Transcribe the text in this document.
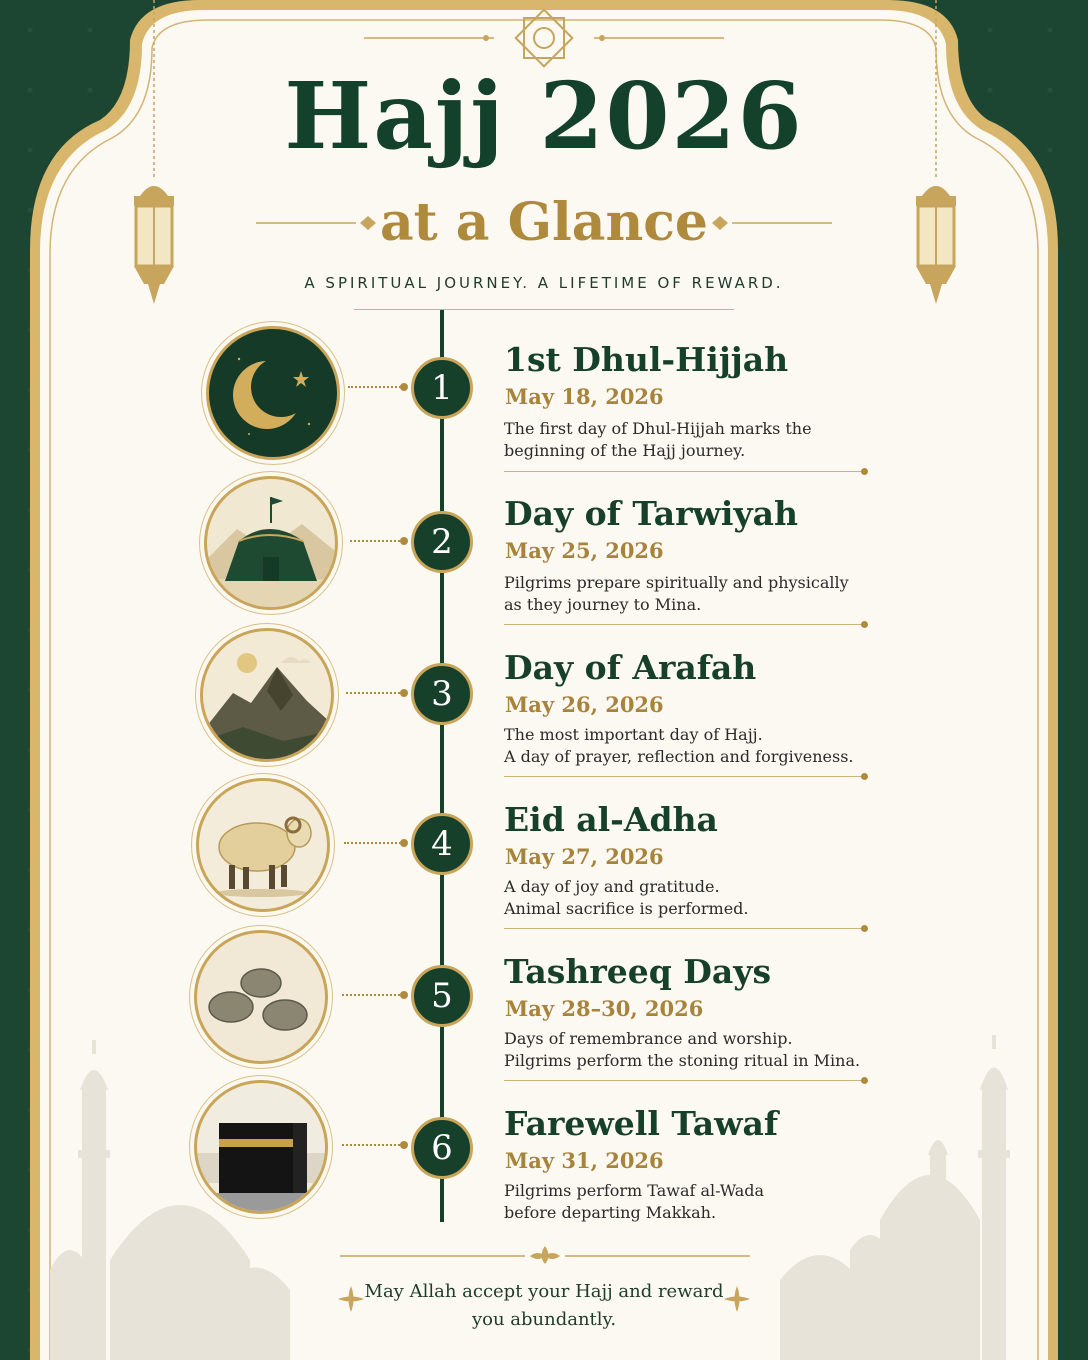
Hajj 2026
at a Glance
A SPIRITUAL JOURNEY. A LIFETIME OF REWARD.
1
1st Dhul-Hijjah
May 18, 2026
The first day of Dhul-Hijjah marks the
beginning of the Hajj journey.
2
Day of Tarwiyah
May 25, 2026
Pilgrims prepare spiritually and physically
as they journey to Mina.
3
Day of Arafah
May 26, 2026
The most important day of Hajj.
A day of prayer, reflection and forgiveness.
4
Eid al-Adha
May 27, 2026
A day of joy and gratitude.
Animal sacrifice is performed.
5
Tashreeq Days
May 28–30, 2026
Days of remembrance and worship.
Pilgrims perform the stoning ritual in Mina.
6
Farewell Tawaf
May 31, 2026
Pilgrims perform Tawaf al-Wada
before departing Makkah.
May Allah accept your Hajj and reward
you abundantly.
